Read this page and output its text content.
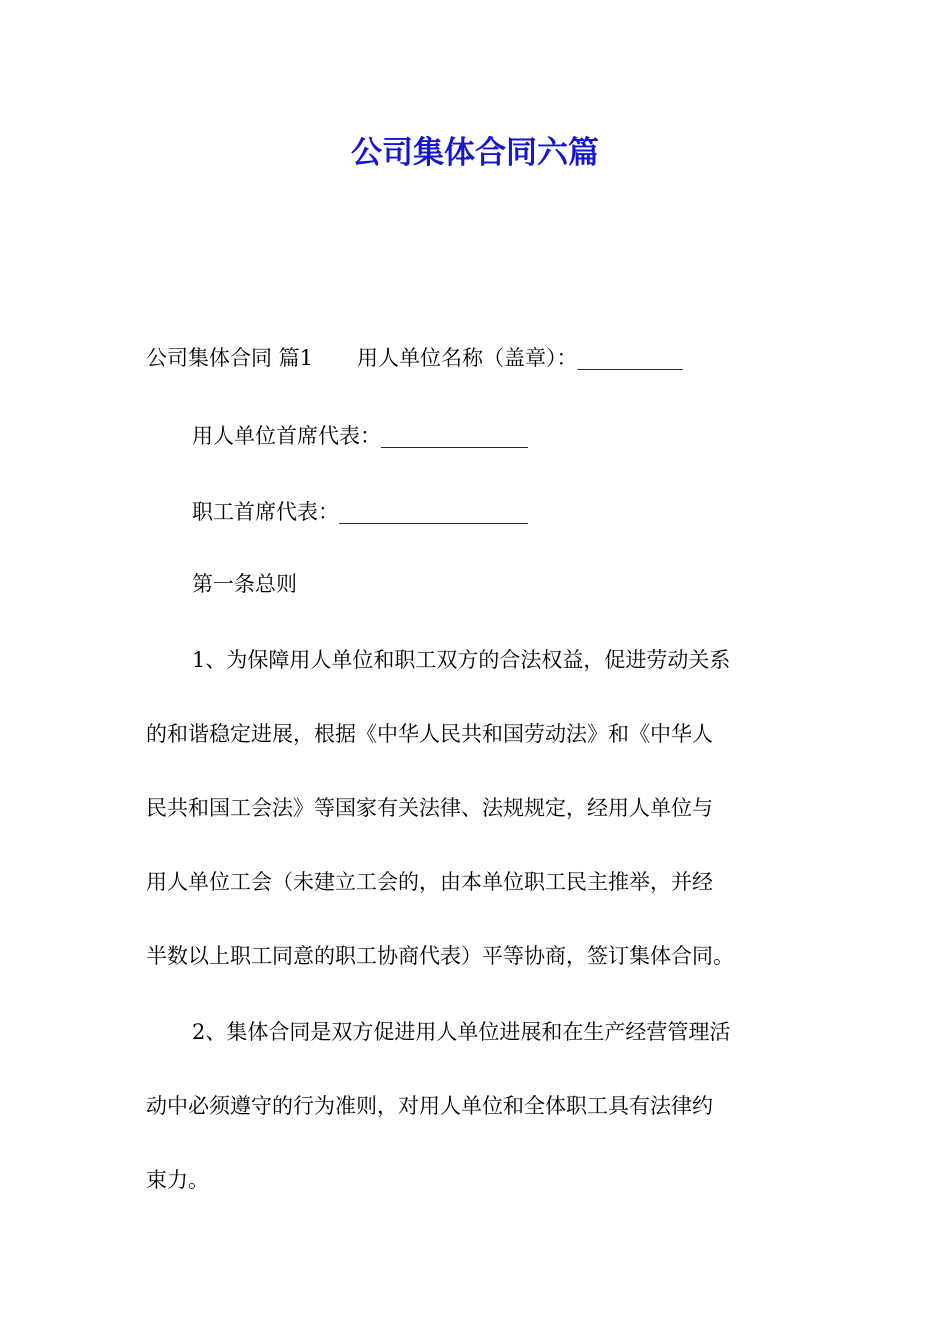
公司集体合同六篇

公司集体合同 篇1 用人单位名称（盖章）：__________

用人单位首席代表：______________

职工首席代表：__________________

第一条总则

1、为保障用人单位和职工双方的合法权益，促进劳动关系

的和谐稳定进展，根据《中华人民共和国劳动法》和《中华人

民共和国工会法》等国家有关法律、法规规定，经用人单位与

用人单位工会（未建立工会的，由本单位职工民主推举，并经

半数以上职工同意的职工协商代表）平等协商，签订集体合同。

2、集体合同是双方促进用人单位进展和在生产经营管理活

动中必须遵守的行为准则，对用人单位和全体职工具有法律约

束力。
